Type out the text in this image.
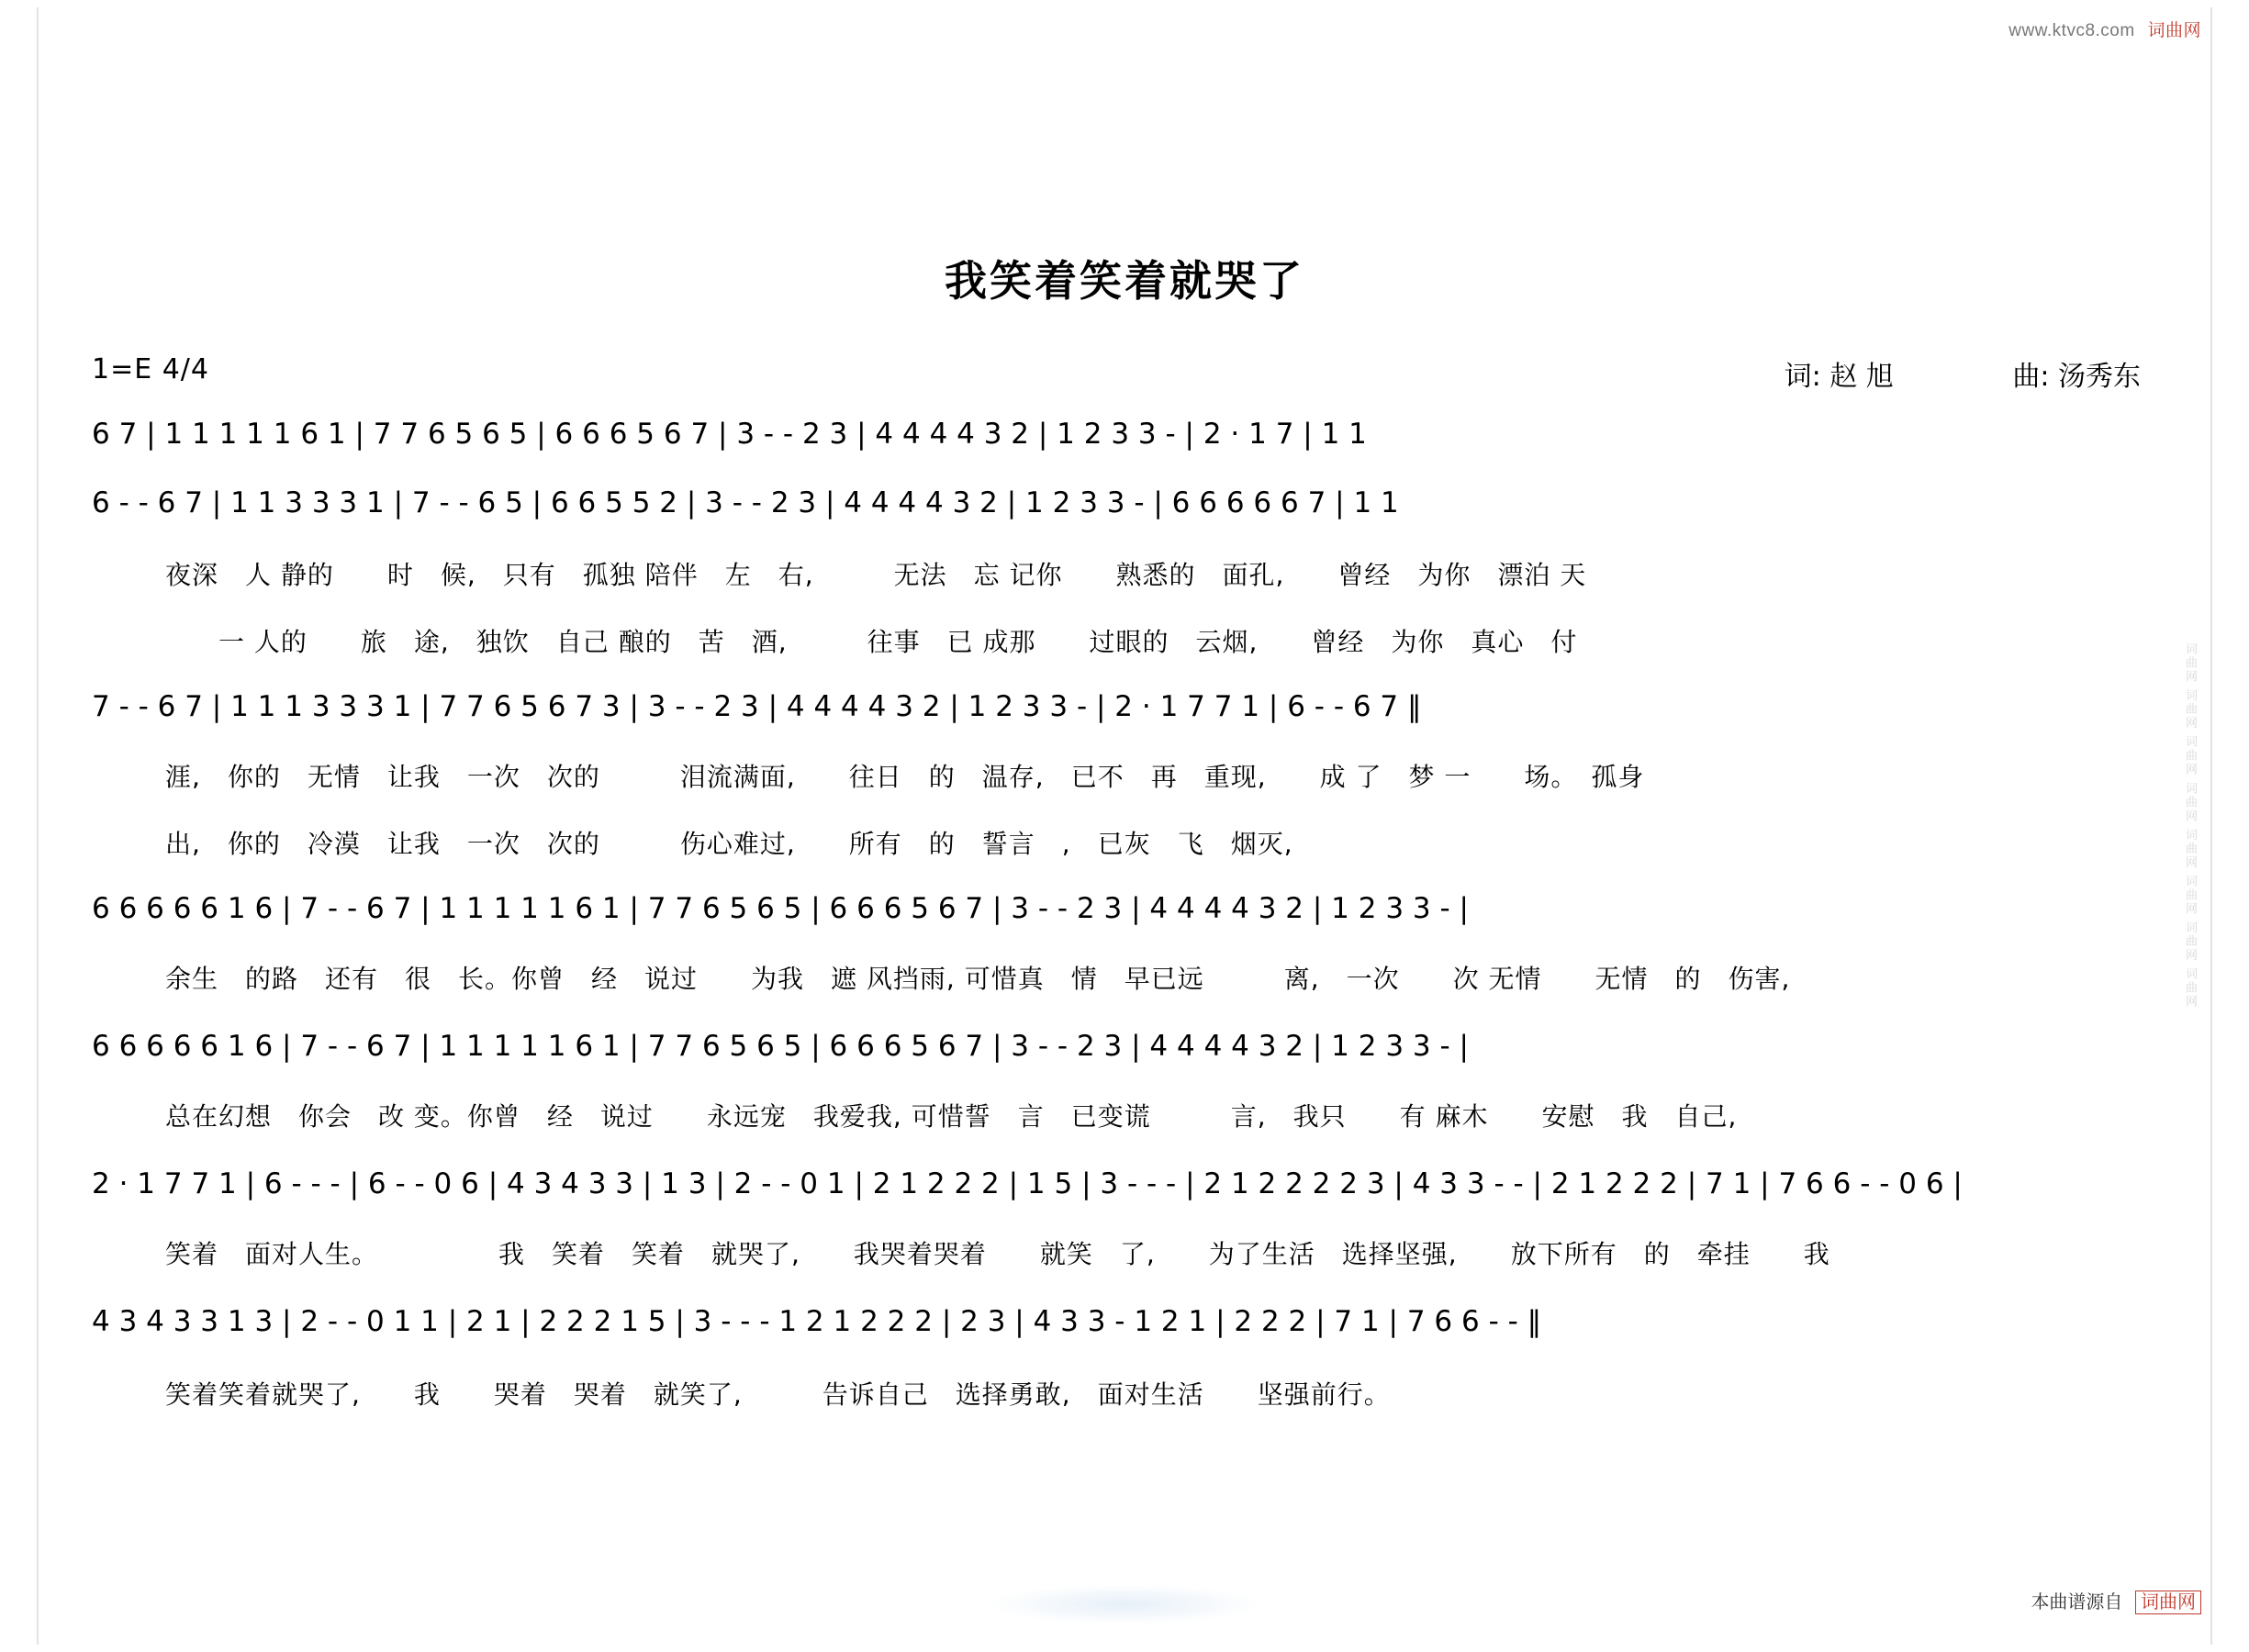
www.ktvc8.com 词曲网
词曲网 词曲网 词曲网 词曲网 词曲网 词曲网 词曲网 词曲网
我笑着笑着就哭了
1=E 4/4	词: 赵 旭	曲: 汤秀东
6 7 | 1 1 1 1 1 6 1 | 7 7 6 5 6 5 | 6 6 6 5 6 7 | 3 - - 2 3 | 4 4 4 4 3 2 | 1 2 3 3 - | 2 · 1 7 | 1 1
6 - - 6 7 | 1 1 3 3 3 1 | 7 - - 6 5 | 6 6 5 5 2 | 3 - - 2 3 | 4 4 4 4 3 2 | 1 2 3 3 - | 6 6 6 6 6 7 | 1 1
夜深　人 静的　　时　候,　只有　孤独 陪伴　左　右,　　　无法　忘 记你　　熟悉的　面孔,　　曾经　为你　漂泊 天
　　一 人的　　旅　途,　独饮　自己 酿的　苦　酒,　　　往事　已 成那　　过眼的　云烟,　　曾经　为你　真心　付
7 - - 6 7 | 1 1 1 3 3 3 1 | 7 7 6 5 6 7 3 | 3 - - 2 3 | 4 4 4 4 3 2 | 1 2 3 3 - | 2 · 1 7 7 1 | 6 - - 6 7 ‖
涯,　你的　无情　让我　一次　次的　　　泪流满面,　　往日　的　温存,　已不　再　重现,　　成 了　梦 一　　场。　孤身
出,　你的　冷漠　让我　一次　次的　　　伤心难过,　　所有　的　誓言　,　已灰　飞　烟灭,
6 6 6 6 6 1 6 | 7 - - 6 7 | 1 1 1 1 1 6 1 | 7 7 6 5 6 5 | 6 6 6 5 6 7 | 3 - - 2 3 | 4 4 4 4 3 2 | 1 2 3 3 - |
余生　的路　还有　很　长。你曾　经　说过　　为我　遮 风挡雨, 可惜真　情　早已远　　　离,　一次　　次 无情　　无情　的　伤害,
6 6 6 6 6 1 6 | 7 - - 6 7 | 1 1 1 1 1 6 1 | 7 7 6 5 6 5 | 6 6 6 5 6 7 | 3 - - 2 3 | 4 4 4 4 3 2 | 1 2 3 3 - |
总在幻想　你会　改 变。你曾　经　说过　　永远宠　我爱我, 可惜誓　言　已变谎　　　言,　我只　　有 麻木　　安慰　我　自己,
2 · 1 7 7 1 | 6 - - - | 6 - - 0 6 | 4 3 4 3 3 | 1 3 | 2 - - 0 1 | 2 1 2 2 2 | 1 5 | 3 - - - | 2 1 2 2 2 2 3 | 4 3 3 - - | 2 1 2 2 2 | 7 1 | 7 6 6 - - 0 6 |
笑着　面对人生。　　　　　我　笑着　笑着　就哭了,　　我哭着哭着　　就笑　了,　　为了生活　选择坚强,　　放下所有　的　牵挂　　我
4 3 4 3 3 1 3 | 2 - - 0 1 1 | 2 1 | 2 2 2 1 5 | 3 - - - 1 2 1 2 2 2 | 2 3 | 4 3 3 - 1 2 1 | 2 2 2 | 7 1 | 7 6 6 - - ‖
笑着笑着就哭了,　　我　　哭着　哭着　就笑了,　　　告诉自己　选择勇敢,　面对生活　　坚强前行。
本曲谱源自 词曲网
